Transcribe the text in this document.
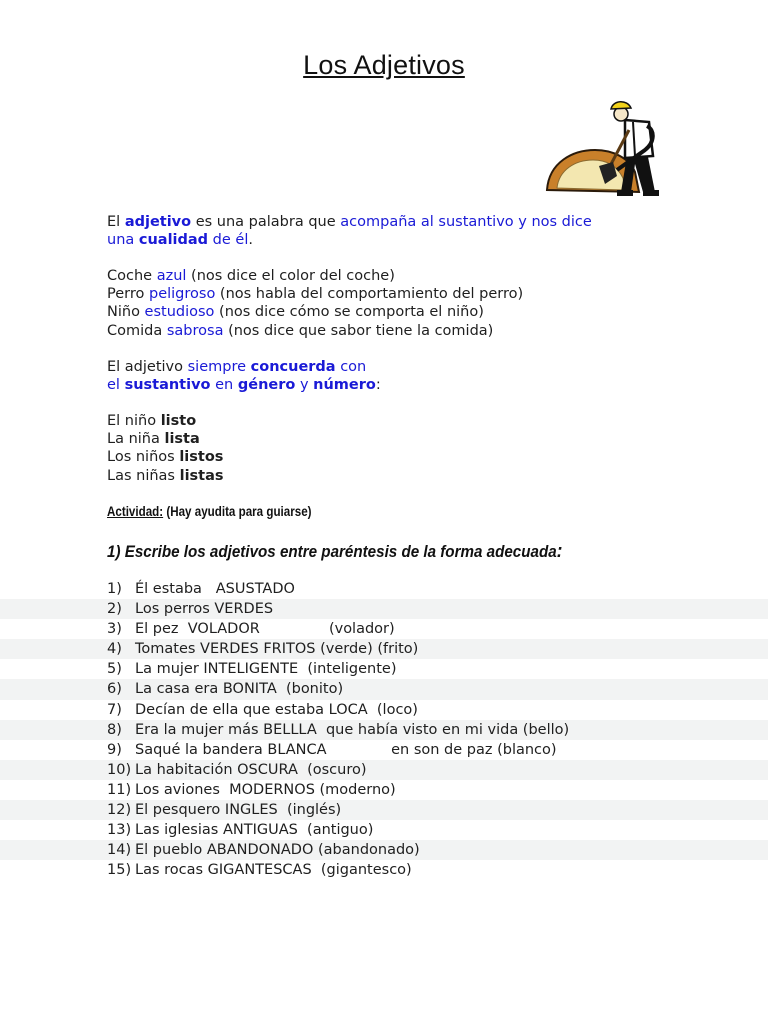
Los Adjetivos
El adjetivo es una palabra que acompaña al sustantivo y nos dice
una cualidad de él.
Coche azul (nos dice el color del coche)
Perro peligroso (nos habla del comportamiento del perro)
Niño estudioso (nos dice cómo se comporta el niño)
Comida sabrosa (nos dice que sabor tiene la comida)
El adjetivo siempre concuerda con
el sustantivo en género y número:
El niño listo
La niña lista
Los niños listos
Las niñas listas
Actividad: (Hay ayudita para guiarse)
1) Escribe los adjetivos entre paréntesis de la forma adecuada:
1) Él estaba   ASUSTADO
2) Los perros VERDES
3) El pez  VOLADOR               (volador)
4) Tomates VERDES FRITOS (verde) (frito)
5) La mujer INTELIGENTE  (inteligente)
6) La casa era BONITA  (bonito)
7) Decían de ella que estaba LOCA  (loco)
8) Era la mujer más BELLLA  que había visto en mi vida (bello)
9) Saqué la bandera BLANCA              en son de paz (blanco)
10) La habitación OSCURA  (oscuro)
11) Los aviones  MODERNOS (moderno)
12) El pesquero INGLES  (inglés)
13) Las iglesias ANTIGUAS  (antiguo)
14) El pueblo ABANDONADO (abandonado)
15) Las rocas GIGANTESCAS  (gigantesco)
